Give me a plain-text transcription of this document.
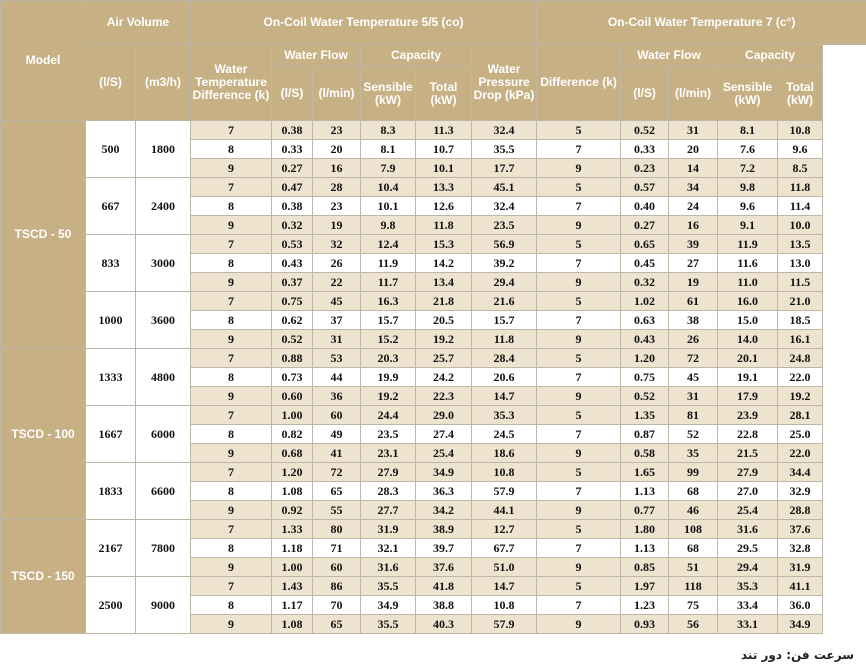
Model	Air Volume		On-Coil Water Temperature 5/5 (co)						On-Coil Water Temperature 7 (c°)				
	(l/S)	(m3/h)	Water Temperature Difference (k)	Water Flow		Capacity		Water Pressure Drop (kPa)	Difference (k)	Water Flow		Capacity	
				(l/S)	(l/min)	Sensible (kW)	Total (kW)			(l/S)	(l/min)	Sensible (kW)	Total (kW)
TSCD - 50	500	1800	7	0.38	23	8.3	11.3	32.4	5	0.52	31	8.1	10.8
			8	0.33	20	8.1	10.7	35.5	7	0.33	20	7.6	9.6
			9	0.27	16	7.9	10.1	17.7	9	0.23	14	7.2	8.5
	667	2400	7	0.47	28	10.4	13.3	45.1	5	0.57	34	9.8	11.8
			8	0.38	23	10.1	12.6	32.4	7	0.40	24	9.6	11.4
			9	0.32	19	9.8	11.8	23.5	9	0.27	16	9.1	10.0
	833	3000	7	0.53	32	12.4	15.3	56.9	5	0.65	39	11.9	13.5
			8	0.43	26	11.9	14.2	39.2	7	0.45	27	11.6	13.0
			9	0.37	22	11.7	13.4	29.4	9	0.32	19	11.0	11.5
	1000	3600	7	0.75	45	16.3	21.8	21.6	5	1.02	61	16.0	21.0
			8	0.62	37	15.7	20.5	15.7	7	0.63	38	15.0	18.5
			9	0.52	31	15.2	19.2	11.8	9	0.43	26	14.0	16.1
TSCD - 100	1333	4800	7	0.88	53	20.3	25.7	28.4	5	1.20	72	20.1	24.8
			8	0.73	44	19.9	24.2	20.6	7	0.75	45	19.1	22.0
			9	0.60	36	19.2	22.3	14.7	9	0.52	31	17.9	19.2
	1667	6000	7	1.00	60	24.4	29.0	35.3	5	1.35	81	23.9	28.1
			8	0.82	49	23.5	27.4	24.5	7	0.87	52	22.8	25.0
			9	0.68	41	23.1	25.4	18.6	9	0.58	35	21.5	22.0
	1833	6600	7	1.20	72	27.9	34.9	10.8	5	1.65	99	27.9	34.4
			8	1.08	65	28.3	36.3	57.9	7	1.13	68	27.0	32.9
			9	0.92	55	27.7	34.2	44.1	9	0.77	46	25.4	28.8
TSCD - 150	2167	7800	7	1.33	80	31.9	38.9	12.7	5	1.80	108	31.6	37.6
			8	1.18	71	32.1	39.7	67.7	7	1.13	68	29.5	32.8
			9	1.00	60	31.6	37.6	51.0	9	0.85	51	29.4	31.9
	2500	9000	7	1.43	86	35.5	41.8	14.7	5	1.97	118	35.3	41.1
			8	1.17	70	34.9	38.8	10.8	7	1.23	75	33.4	36.0
			9	1.08	65	35.5	40.3	57.9	9	0.93	56	33.1	34.9
سرعت فن: دور تند
